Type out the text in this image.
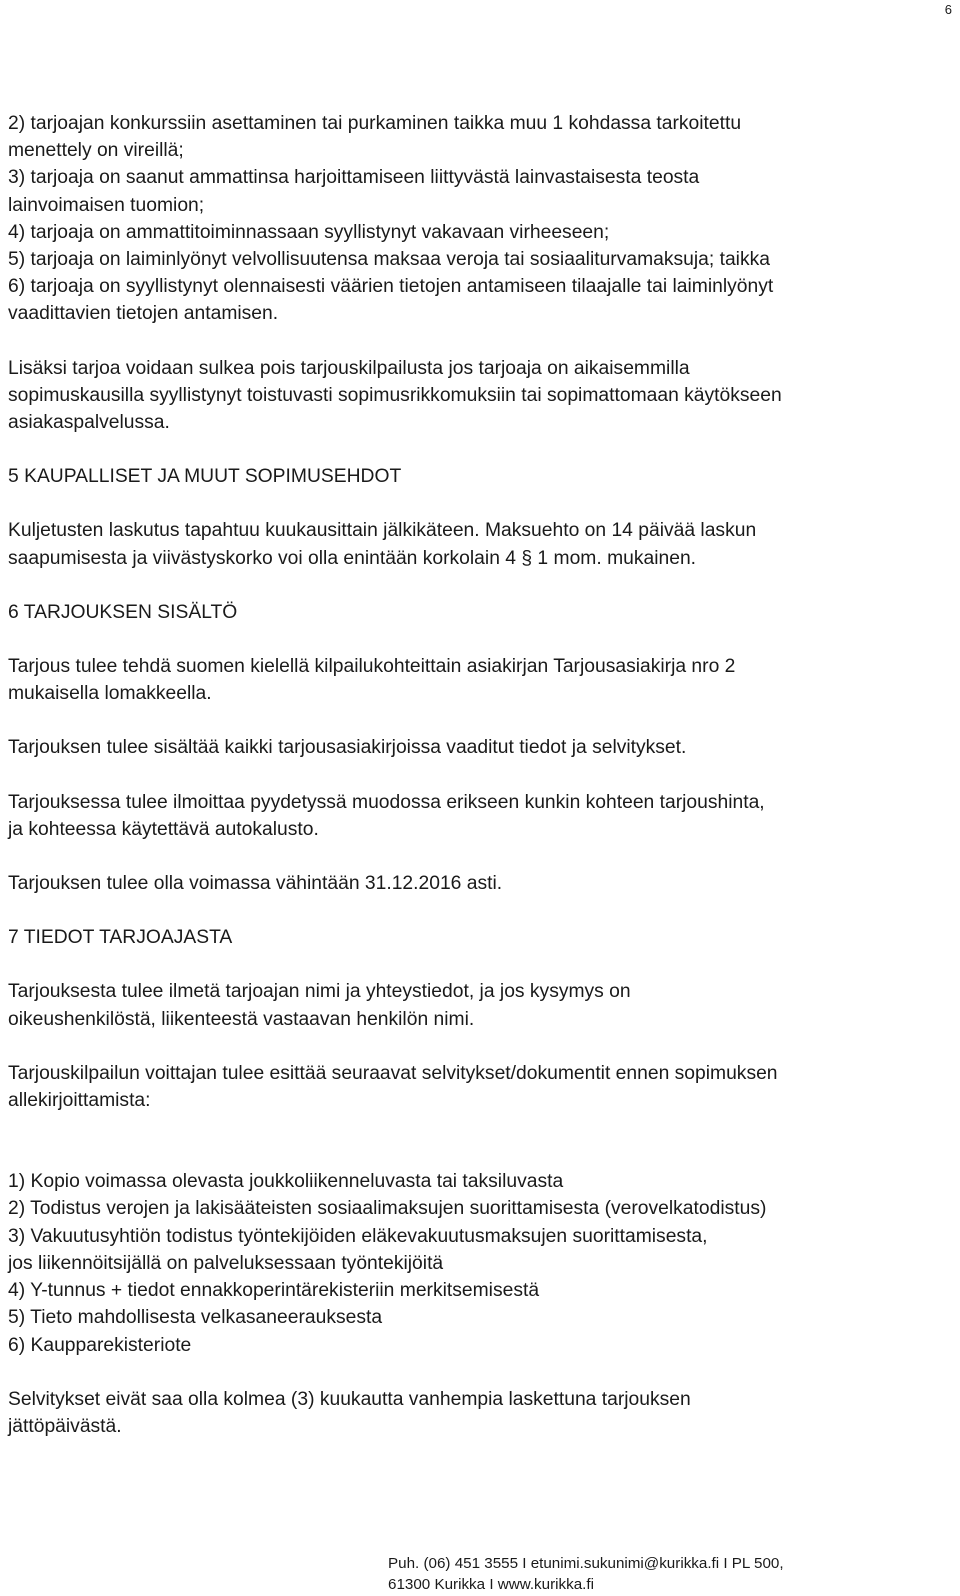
6
2) tarjoajan konkurssiin asettaminen tai purkaminen taikka muu 1 kohdassa tarkoitettu
menettely on vireillä;
3) tarjoaja on saanut ammattinsa harjoittamiseen liittyvästä lainvastaisesta teosta
lainvoimaisen tuomion;
4) tarjoaja on ammattitoiminnassaan syyllistynyt vakavaan virheeseen;
5) tarjoaja on laiminlyönyt velvollisuutensa maksaa veroja tai sosiaaliturvamaksuja; taikka
6) tarjoaja on syyllistynyt olennaisesti väärien tietojen antamiseen tilaajalle tai laiminlyönyt
vaadittavien tietojen antamisen.
Lisäksi tarjoa voidaan sulkea pois tarjouskilpailusta jos tarjoaja on aikaisemmilla
sopimuskausilla syyllistynyt toistuvasti sopimusrikkomuksiin tai sopimattomaan käytökseen
asiakaspalvelussa.
5 KAUPALLISET JA MUUT SOPIMUSEHDOT
Kuljetusten laskutus tapahtuu kuukausittain jälkikäteen. Maksuehto on 14 päivää laskun
saapumisesta ja viivästyskorko voi olla enintään korkolain 4 § 1 mom. mukainen.
6 TARJOUKSEN SISÄLTÖ
Tarjous tulee tehdä suomen kielellä kilpailukohteittain asiakirjan Tarjousasiakirja nro 2
mukaisella lomakkeella.
Tarjouksen tulee sisältää kaikki tarjousasiakirjoissa vaaditut tiedot ja selvitykset.
Tarjouksessa tulee ilmoittaa pyydetyssä muodossa erikseen kunkin kohteen tarjoushinta,
ja kohteessa käytettävä autokalusto.
Tarjouksen tulee olla voimassa vähintään 31.12.2016 asti.
7 TIEDOT TARJOAJASTA
Tarjouksesta tulee ilmetä tarjoajan nimi ja yhteystiedot, ja jos kysymys on
oikeushenkilöstä, liikenteestä vastaavan henkilön nimi.
Tarjouskilpailun voittajan tulee esittää seuraavat selvitykset/dokumentit ennen sopimuksen
allekirjoittamista:
1) Kopio voimassa olevasta joukkoliikenneluvasta tai taksiluvasta
2) Todistus verojen ja lakisääteisten sosiaalimaksujen suorittamisesta (verovelkatodistus)
3) Vakuutusyhtiön todistus työntekijöiden eläkevakuutusmaksujen suorittamisesta,
jos liikennöitsijällä on palveluksessaan työntekijöitä
4) Y-tunnus + tiedot ennakkoperintärekisteriin merkitsemisestä
5) Tieto mahdollisesta velkasaneerauksesta
6) Kaupparekisteriote
Selvitykset eivät saa olla kolmea (3) kuukautta vanhempia laskettuna tarjouksen
jättöpäivästä.
Puh. (06) 451 3555 I etunimi.sukunimi@kurikka.fi I PL 500,
61300 Kurikka I www.kurikka.fi
